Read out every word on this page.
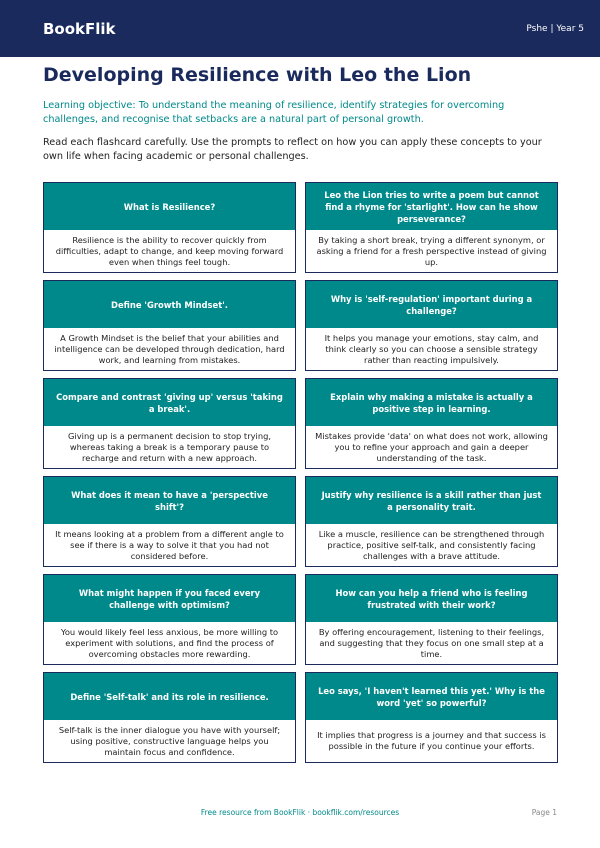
BookFlik	Pshe | Year 5
Developing Resilience with Leo the Lion

Learning objective: To understand the meaning of resilience, identify strategies for overcoming challenges, and recognise that setbacks are a natural part of personal growth.

Read each flashcard carefully. Use the prompts to reflect on how you can apply these concepts to your own life when facing academic or personal challenges.

What is Resilience?
Resilience is the ability to recover quickly from difficulties, adapt to change, and keep moving forward even when things feel tough.
Leo the Lion tries to write a poem but cannot find a rhyme for 'starlight'. How can he show perseverance?
By taking a short break, trying a different synonym, or asking a friend for a fresh perspective instead of giving up.
Define 'Growth Mindset'.
A Growth Mindset is the belief that your abilities and intelligence can be developed through dedication, hard work, and learning from mistakes.
Why is 'self-regulation' important during a challenge?
It helps you manage your emotions, stay calm, and think clearly so you can choose a sensible strategy rather than reacting impulsively.
Compare and contrast 'giving up' versus 'taking a break'.
Giving up is a permanent decision to stop trying, whereas taking a break is a temporary pause to recharge and return with a new approach.
Explain why making a mistake is actually a positive step in learning.
Mistakes provide 'data' on what does not work, allowing you to refine your approach and gain a deeper understanding of the task.
What does it mean to have a 'perspective shift'?
It means looking at a problem from a different angle to see if there is a way to solve it that you had not considered before.
Justify why resilience is a skill rather than just a personality trait.
Like a muscle, resilience can be strengthened through practice, positive self-talk, and consistently facing challenges with a brave attitude.
What might happen if you faced every challenge with optimism?
You would likely feel less anxious, be more willing to experiment with solutions, and find the process of overcoming obstacles more rewarding.
How can you help a friend who is feeling frustrated with their work?
By offering encouragement, listening to their feelings, and suggesting that they focus on one small step at a time.
Define 'Self-talk' and its role in resilience.
Self-talk is the inner dialogue you have with yourself; using positive, constructive language helps you maintain focus and confidence.
Leo says, 'I haven't learned this yet.' Why is the word 'yet' so powerful?
It implies that progress is a journey and that success is possible in the future if you continue your efforts.
Free resource from BookFlik · bookflik.com/resources	Page 1
